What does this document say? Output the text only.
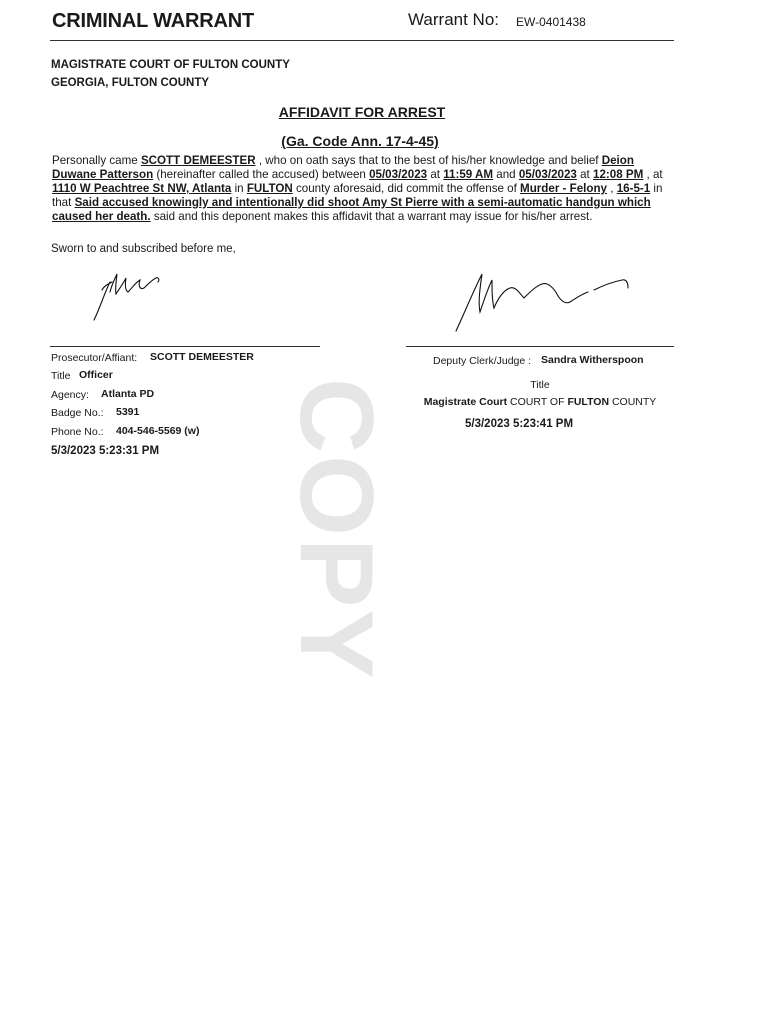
CRIMINAL WARRANT	Warrant No: EW-0401438
MAGISTRATE COURT OF FULTON COUNTY
GEORGIA, FULTON COUNTY
AFFIDAVIT FOR ARREST
(Ga. Code Ann. 17-4-45)
Personally came SCOTT DEMEESTER , who on oath says that to the best of his/her knowledge and belief Deion Duwane Patterson (hereinafter called the accused) between 05/03/2023 at 11:59 AM and 05/03/2023 at 12:08 PM , at 1110 W Peachtree St NW, Atlanta in FULTON county aforesaid, did commit the offense of Murder - Felony , 16-5-1 in that Said accused knowingly and intentionally did shoot Amy St Pierre with a semi-automatic handgun which caused her death. said and this deponent makes this affidavit that a warrant may issue for his/her arrest.
Sworn to and subscribed before me,
COPY
Prosecutor/Affiant: SCOTT DEMEESTER
Title Officer
Agency: Atlanta PD
Badge No.: 5391
Phone No.: 404-546-5569 (w)
5/3/2023 5:23:31 PM
Deputy Clerk/Judge : Sandra Witherspoon
Title
Magistrate Court COURT OF FULTON COUNTY
5/3/2023 5:23:41 PM
